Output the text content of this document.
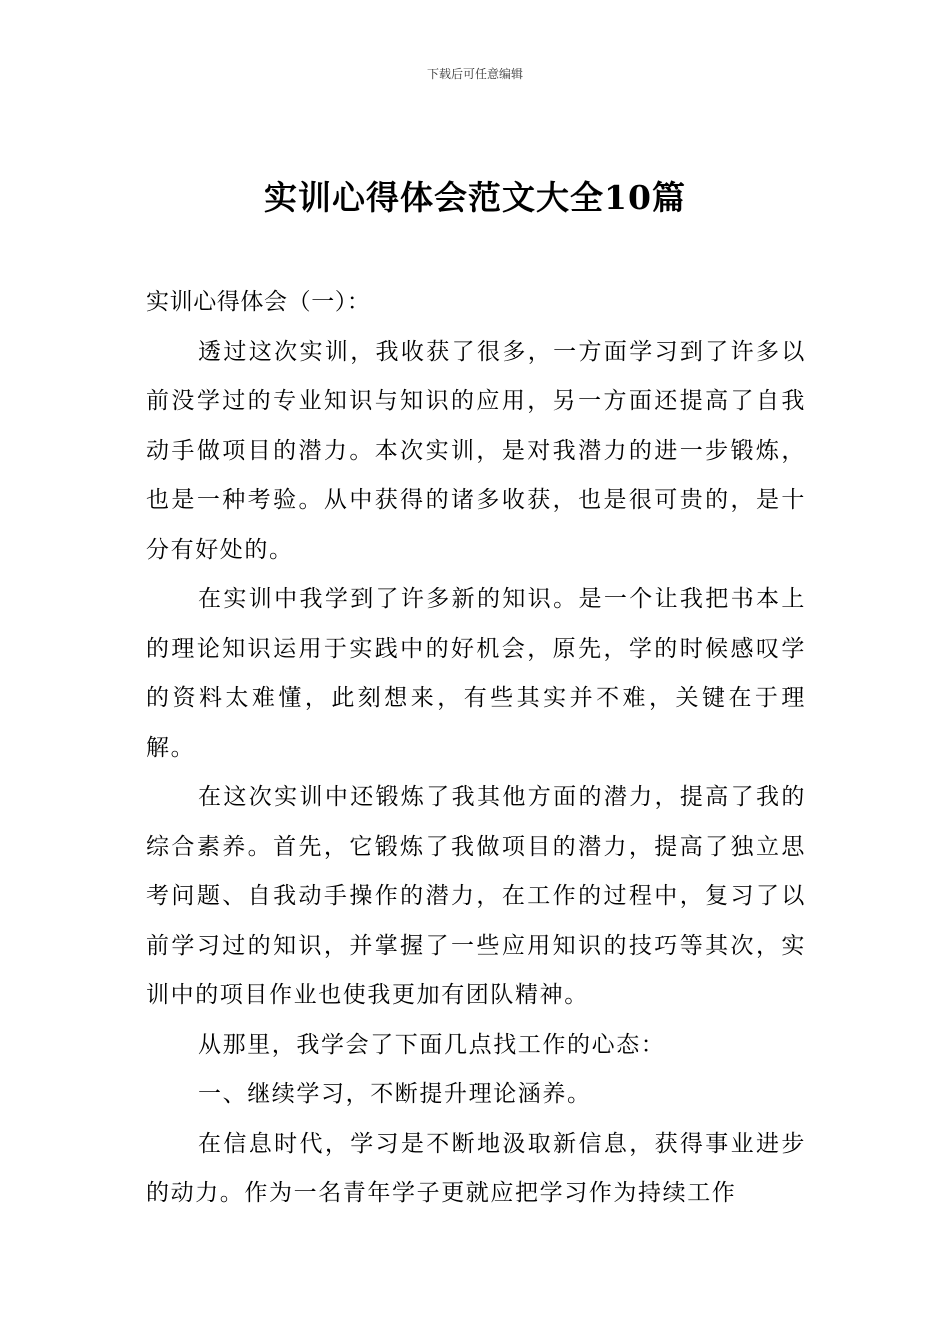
下载后可任意编辑
实训心得体会范文大全10篇

实训心得体会（一）：

透过这次实训，我收获了很多，一方面学习到了许多以前没学过的专业知识与知识的应用，另一方面还提高了自我动手做项目的潜力。本次实训，是对我潜力的进一步锻炼，也是一种考验。从中获得的诸多收获，也是很可贵的，是十分有好处的。

在实训中我学到了许多新的知识。是一个让我把书本上的理论知识运用于实践中的好机会，原先，学的时候感叹学的资料太难懂，此刻想来，有些其实并不难，关键在于理解。

在这次实训中还锻炼了我其他方面的潜力，提高了我的综合素养。首先，它锻炼了我做项目的潜力，提高了独立思考问题、自我动手操作的潜力，在工作的过程中，复习了以前学习过的知识，并掌握了一些应用知识的技巧等其次，实训中的项目作业也使我更加有团队精神。

从那里，我学会了下面几点找工作的心态：

一、继续学习，不断提升理论涵养。

在信息时代，学习是不断地汲取新信息，获得事业进步的动力。作为一名青年学子更就应把学习作为持续工作
